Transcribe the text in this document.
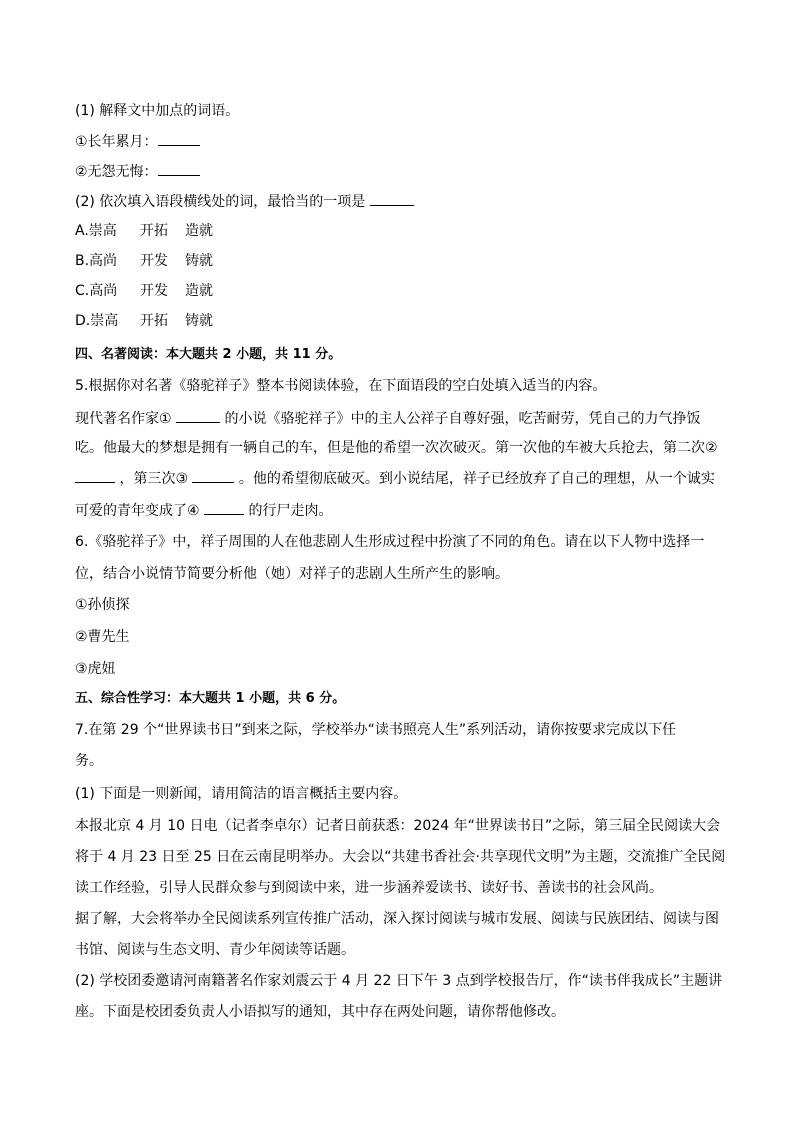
(1) 解释文中加点的词语。
①长年累月：
②无怨无悔：
(2) 依次填入语段横线处的词，最恰当的一项是
A.崇高 开拓 造就
B.高尚 开发 铸就
C.高尚 开发 造就
D.崇高 开拓 铸就
四、名著阅读：本大题共 2 小题，共 11 分。
5.根据你对名著《骆驼祥子》整本书阅读体验，在下面语段的空白处填入适当的内容。
现代著名作家①	的小说《骆驼祥子》中的主人公祥子自尊好强，吃苦耐劳，凭自己的力气挣饭
吃。他最大的梦想是拥有一辆自己的车，但是他的希望一次次破灭。第一次他的车被大兵抢去，第二次②
，第三次③	。他的希望彻底破灭。到小说结尾，祥子已经放弃了自己的理想，从一个诚实
可爱的青年变成了④	的行尸走肉。
6.《骆驼祥子》中，祥子周围的人在他悲剧人生形成过程中扮演了不同的角色。请在以下人物中选择一
位，结合小说情节简要分析他（她）对祥子的悲剧人生所产生的影响。
①孙侦探
②曹先生
③虎妞
五、综合性学习：本大题共 1 小题，共 6 分。
7.在第 29 个“世界读书日”到来之际，学校举办“读书照亮人生”系列活动，请你按要求完成以下任
务。
(1) 下面是一则新闻，请用简洁的语言概括主要内容。
本报北京 4 月 10 日电（记者李卓尔）记者日前获悉：2024 年“世界读书日”之际，第三届全民阅读大会
将于 4 月 23 日至 25 日在云南昆明举办。大会以“共建书香社会·共享现代文明”为主题，交流推广全民阅
读工作经验，引导人民群众参与到阅读中来，进一步涵养爱读书、读好书、善读书的社会风尚。
据了解，大会将举办全民阅读系列宣传推广活动，深入探讨阅读与城市发展、阅读与民族团结、阅读与图
书馆、阅读与生态文明、青少年阅读等话题。
(2) 学校团委邀请河南籍著名作家刘震云于 4 月 22 日下午 3 点到学校报告厅，作“读书伴我成长”主题讲
座。下面是校团委负责人小语拟写的通知，其中存在两处问题，请你帮他修改。
